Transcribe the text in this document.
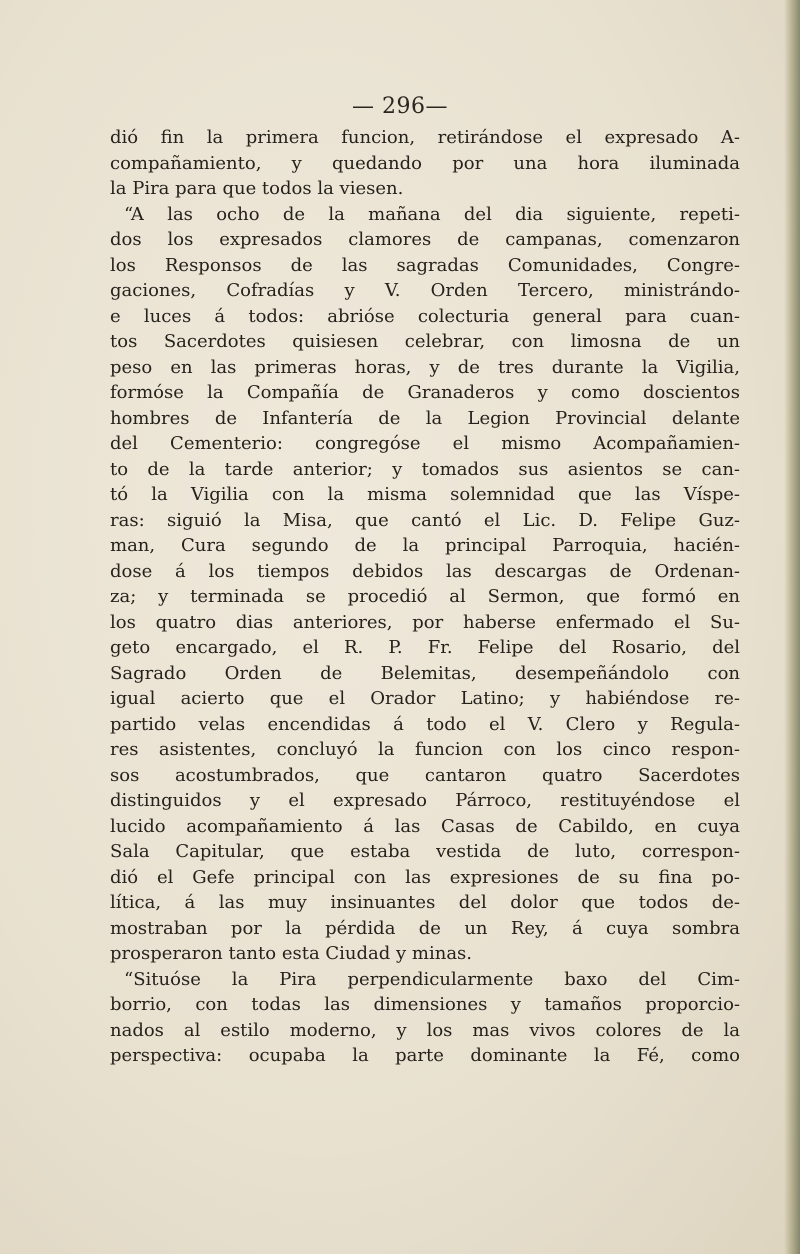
— 296—

dió fin la primera funcion, retirándose el expresado A-
compañamiento, y quedando por una hora iluminada
la Pira para que todos la viesen.
“A las ocho de la mañana del dia siguiente, repeti-
dos los expresados clamores de campanas, comenzaron
los Responsos de las sagradas Comunidades, Congre-
gaciones, Cofradías y V. Orden Tercero, ministrándo-
e luces á todos: abrióse colecturia general para cuan-
tos Sacerdotes quisiesen celebrar, con limosna de un
peso en las primeras horas, y de tres durante la Vigilia,
formóse la Compañía de Granaderos y como doscientos
hombres de Infantería de la Legion Provincial delante
del Cementerio: congregóse el mismo Acompañamien-
to de la tarde anterior; y tomados sus asientos se can-
tó la Vigilia con la misma solemnidad que las Víspe-
ras: siguió la Misa, que cantó el Lic. D. Felipe Guz-
man, Cura segundo de la principal Parroquia, hacién-
dose á los tiempos debidos las descargas de Ordenan-
za; y terminada se procedió al Sermon, que formó en
los quatro dias anteriores, por haberse enfermado el Su-
geto encargado, el R. P. Fr. Felipe del Rosario, del
Sagrado Orden de Belemitas, desempeñándolo con
igual acierto que el Orador Latino; y habiéndose re-
partido velas encendidas á todo el V. Clero y Regula-
res asistentes, concluyó la funcion con los cinco respon-
sos acostumbrados, que cantaron quatro Sacerdotes
distinguidos y el expresado Párroco, restituyéndose el
lucido acompañamiento á las Casas de Cabildo, en cuya
Sala Capitular, que estaba vestida de luto, correspon-
dió el Gefe principal con las expresiones de su fina po-
lítica, á las muy insinuantes del dolor que todos de-
mostraban por la pérdida de un Rey, á cuya sombra
prosperaron tanto esta Ciudad y minas.
“Situóse la Pira perpendicularmente baxo del Cim-
borrio, con todas las dimensiones y tamaños proporcio-
nados al estilo moderno, y los mas vivos colores de la
perspectiva: ocupaba la parte dominante la Fé, como
